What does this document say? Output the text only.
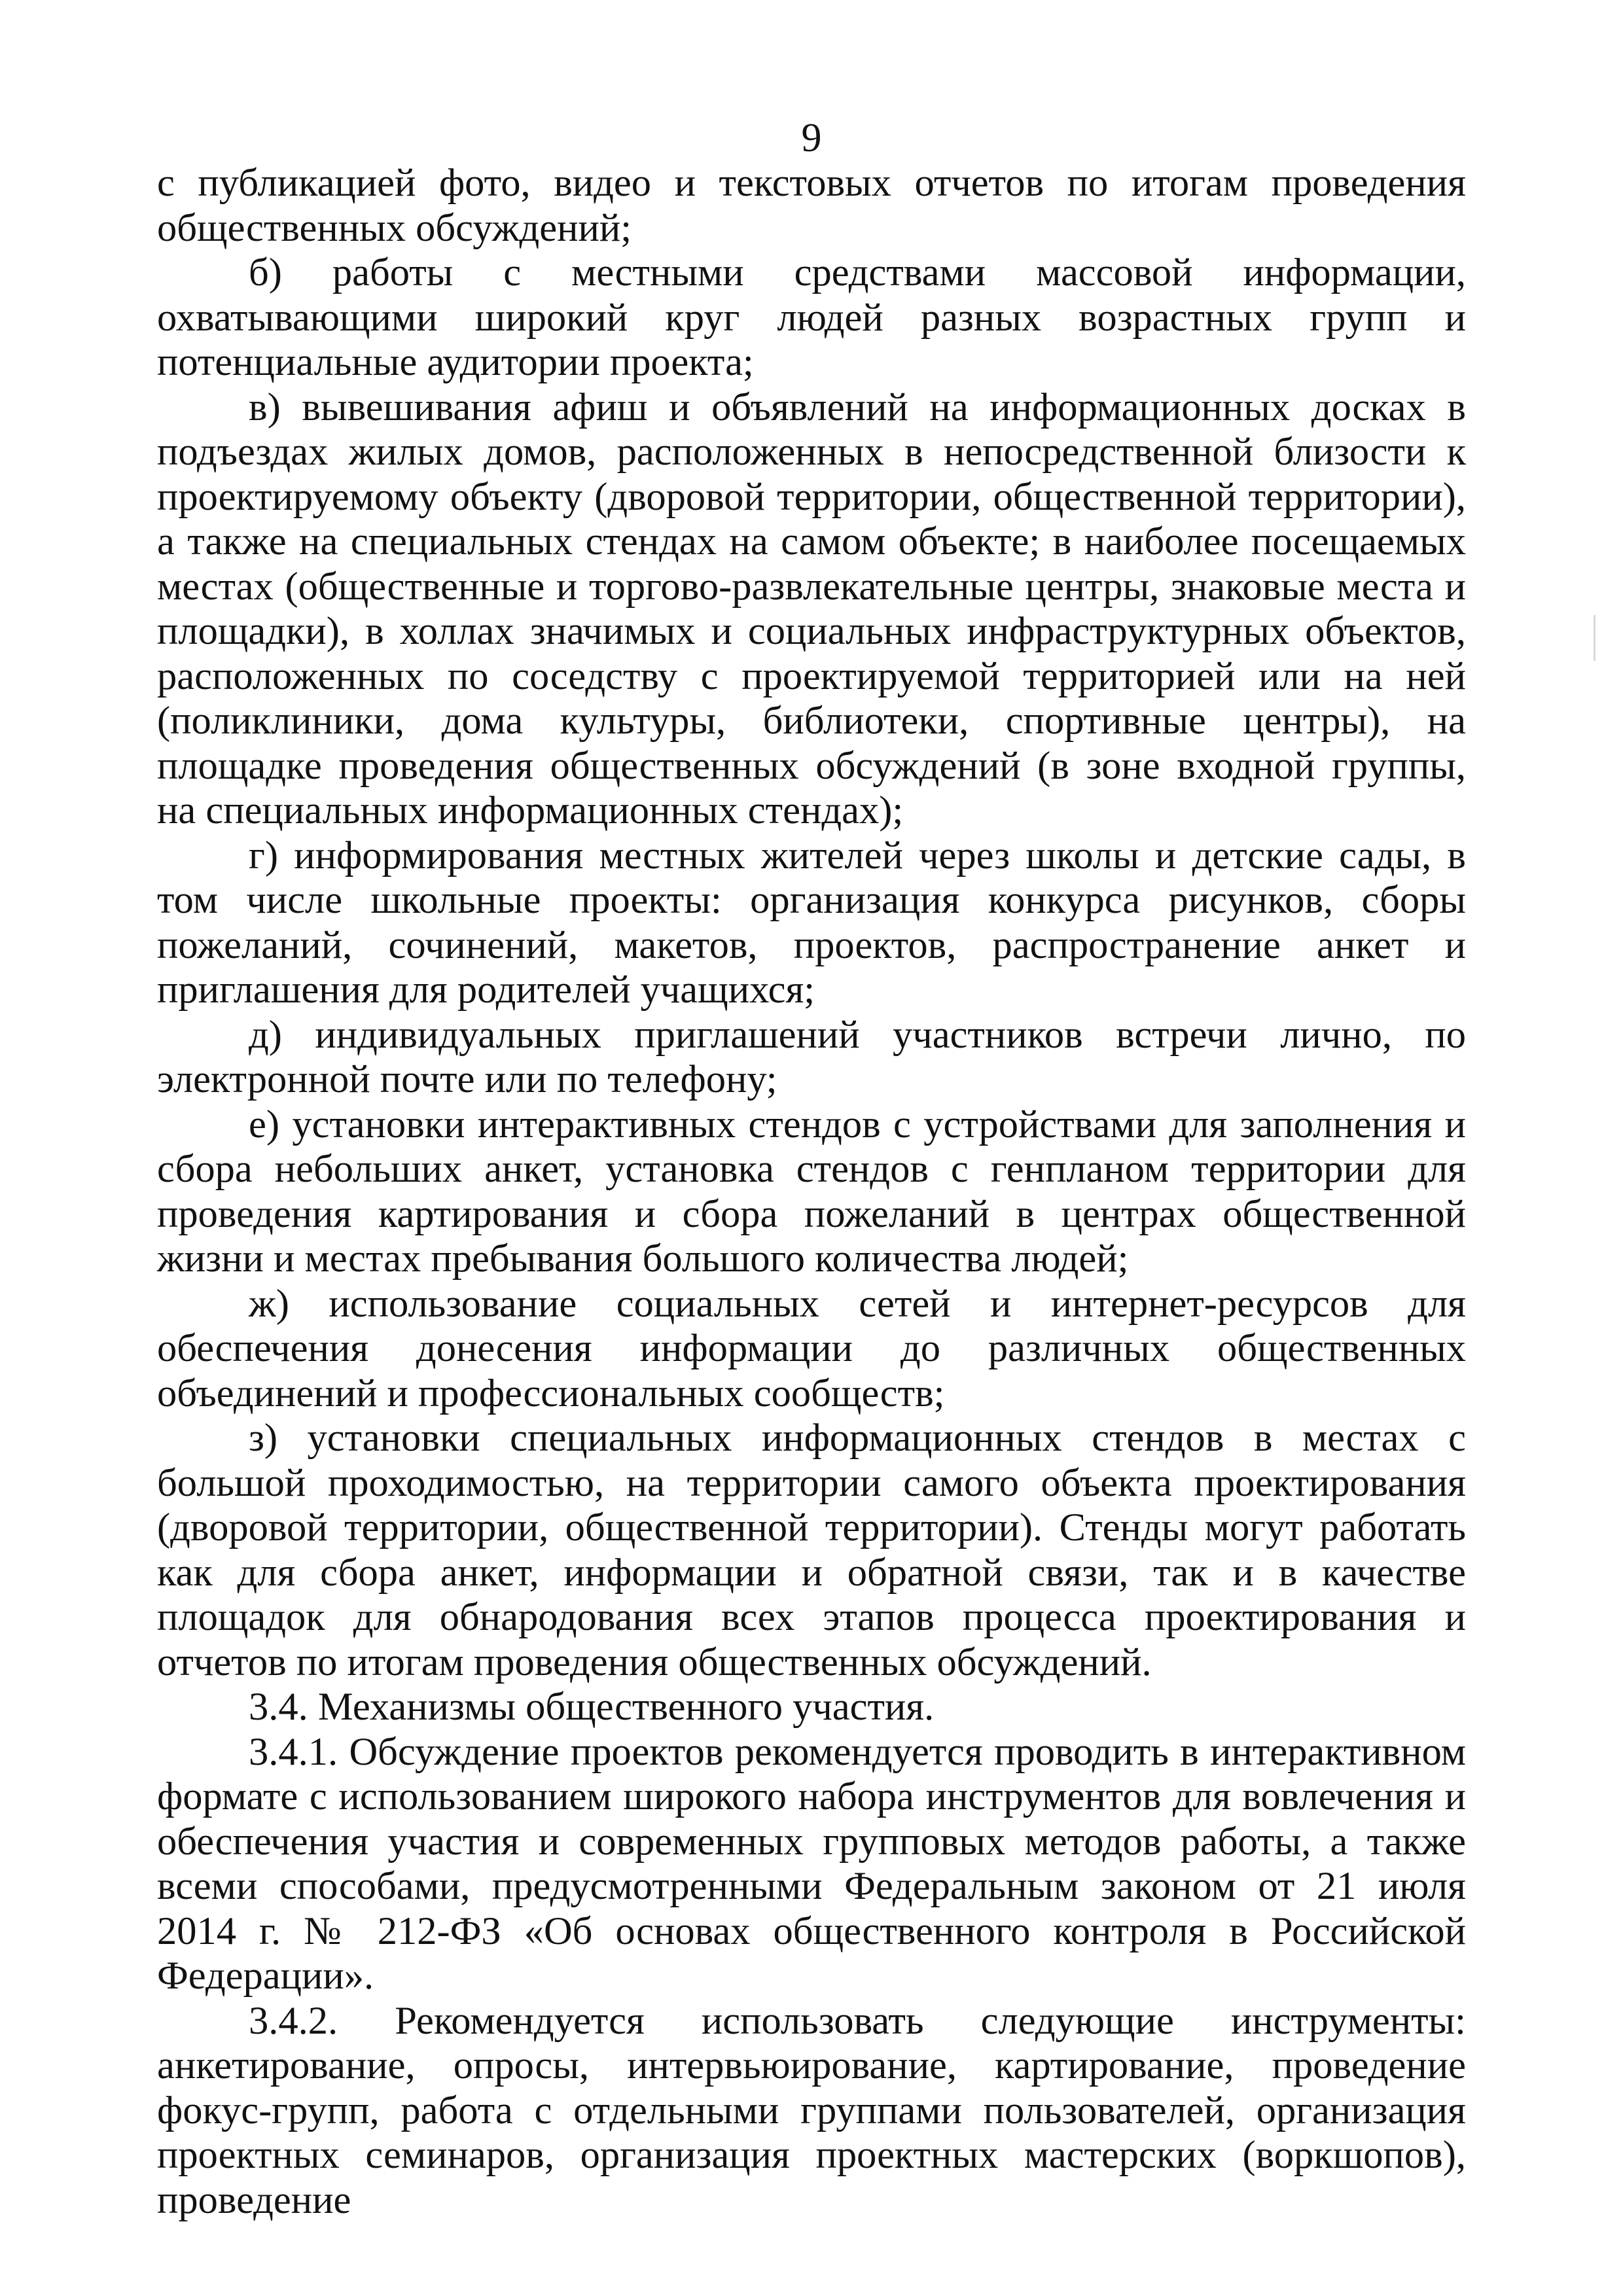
9

с публикацией фото, видео и текстовых отчетов по итогам проведения общественных обсуждений;

б) работы с местными средствами массовой информации, охватывающими широкий круг людей разных возрастных групп и потенциальные аудитории проекта;

в) вывешивания афиш и объявлений на информационных досках в подъездах жилых домов, расположенных в непосредственной близости к проектируемому объекту (дворовой территории, общественной территории), а также на специальных стендах на самом объекте; в наиболее посещаемых местах (общественные и торгово-развлекательные центры, знаковые места и площадки), в холлах значимых и социальных инфраструктурных объектов, расположенных по соседству с проектируемой территорией или на ней (поликлиники, дома культуры, библиотеки, спортивные центры), на площадке проведения общественных обсуждений (в зоне входной группы, на специальных информационных стендах);

г) информирования местных жителей через школы и детские сады, в том числе школьные проекты: организация конкурса рисунков, сборы пожеланий, сочинений, макетов, проектов, распространение анкет и приглашения для родителей учащихся;

д) индивидуальных приглашений участников встречи лично, по электронной почте или по телефону;

е) установки интерактивных стендов с устройствами для заполнения и сбора небольших анкет, установка стендов с генпланом территории для проведения картирования и сбора пожеланий в центрах общественной жизни и местах пребывания большого количества людей;

ж) использование социальных сетей и интернет-ресурсов для обеспечения донесения информации до различных общественных объединений и профессиональных сообществ;

з) установки специальных информационных стендов в местах с большой проходимостью, на территории самого объекта проектирования (дворовой территории, общественной территории). Стенды могут работать как для сбора анкет, информации и обратной связи, так и в качестве площадок для обнародования всех этапов процесса проектирования и отчетов по итогам проведения общественных обсуждений.

3.4. Механизмы общественного участия.

3.4.1. Обсуждение проектов рекомендуется проводить в интерактивном формате с использованием широкого набора инструментов для вовлечения и обеспечения участия и современных групповых методов работы, а также всеми способами, предусмотренными Федеральным законом от 21 июля 2014 г. № 212-ФЗ «Об основах общественного контроля в Российской Федерации».

3.4.2. Рекомендуется использовать следующие инструменты: анкетирование, опросы, интервьюирование, картирование, проведение фокус-групп, работа с отдельными группами пользователей, организация проектных семинаров, организация проектных мастерских (воркшопов), проведение
